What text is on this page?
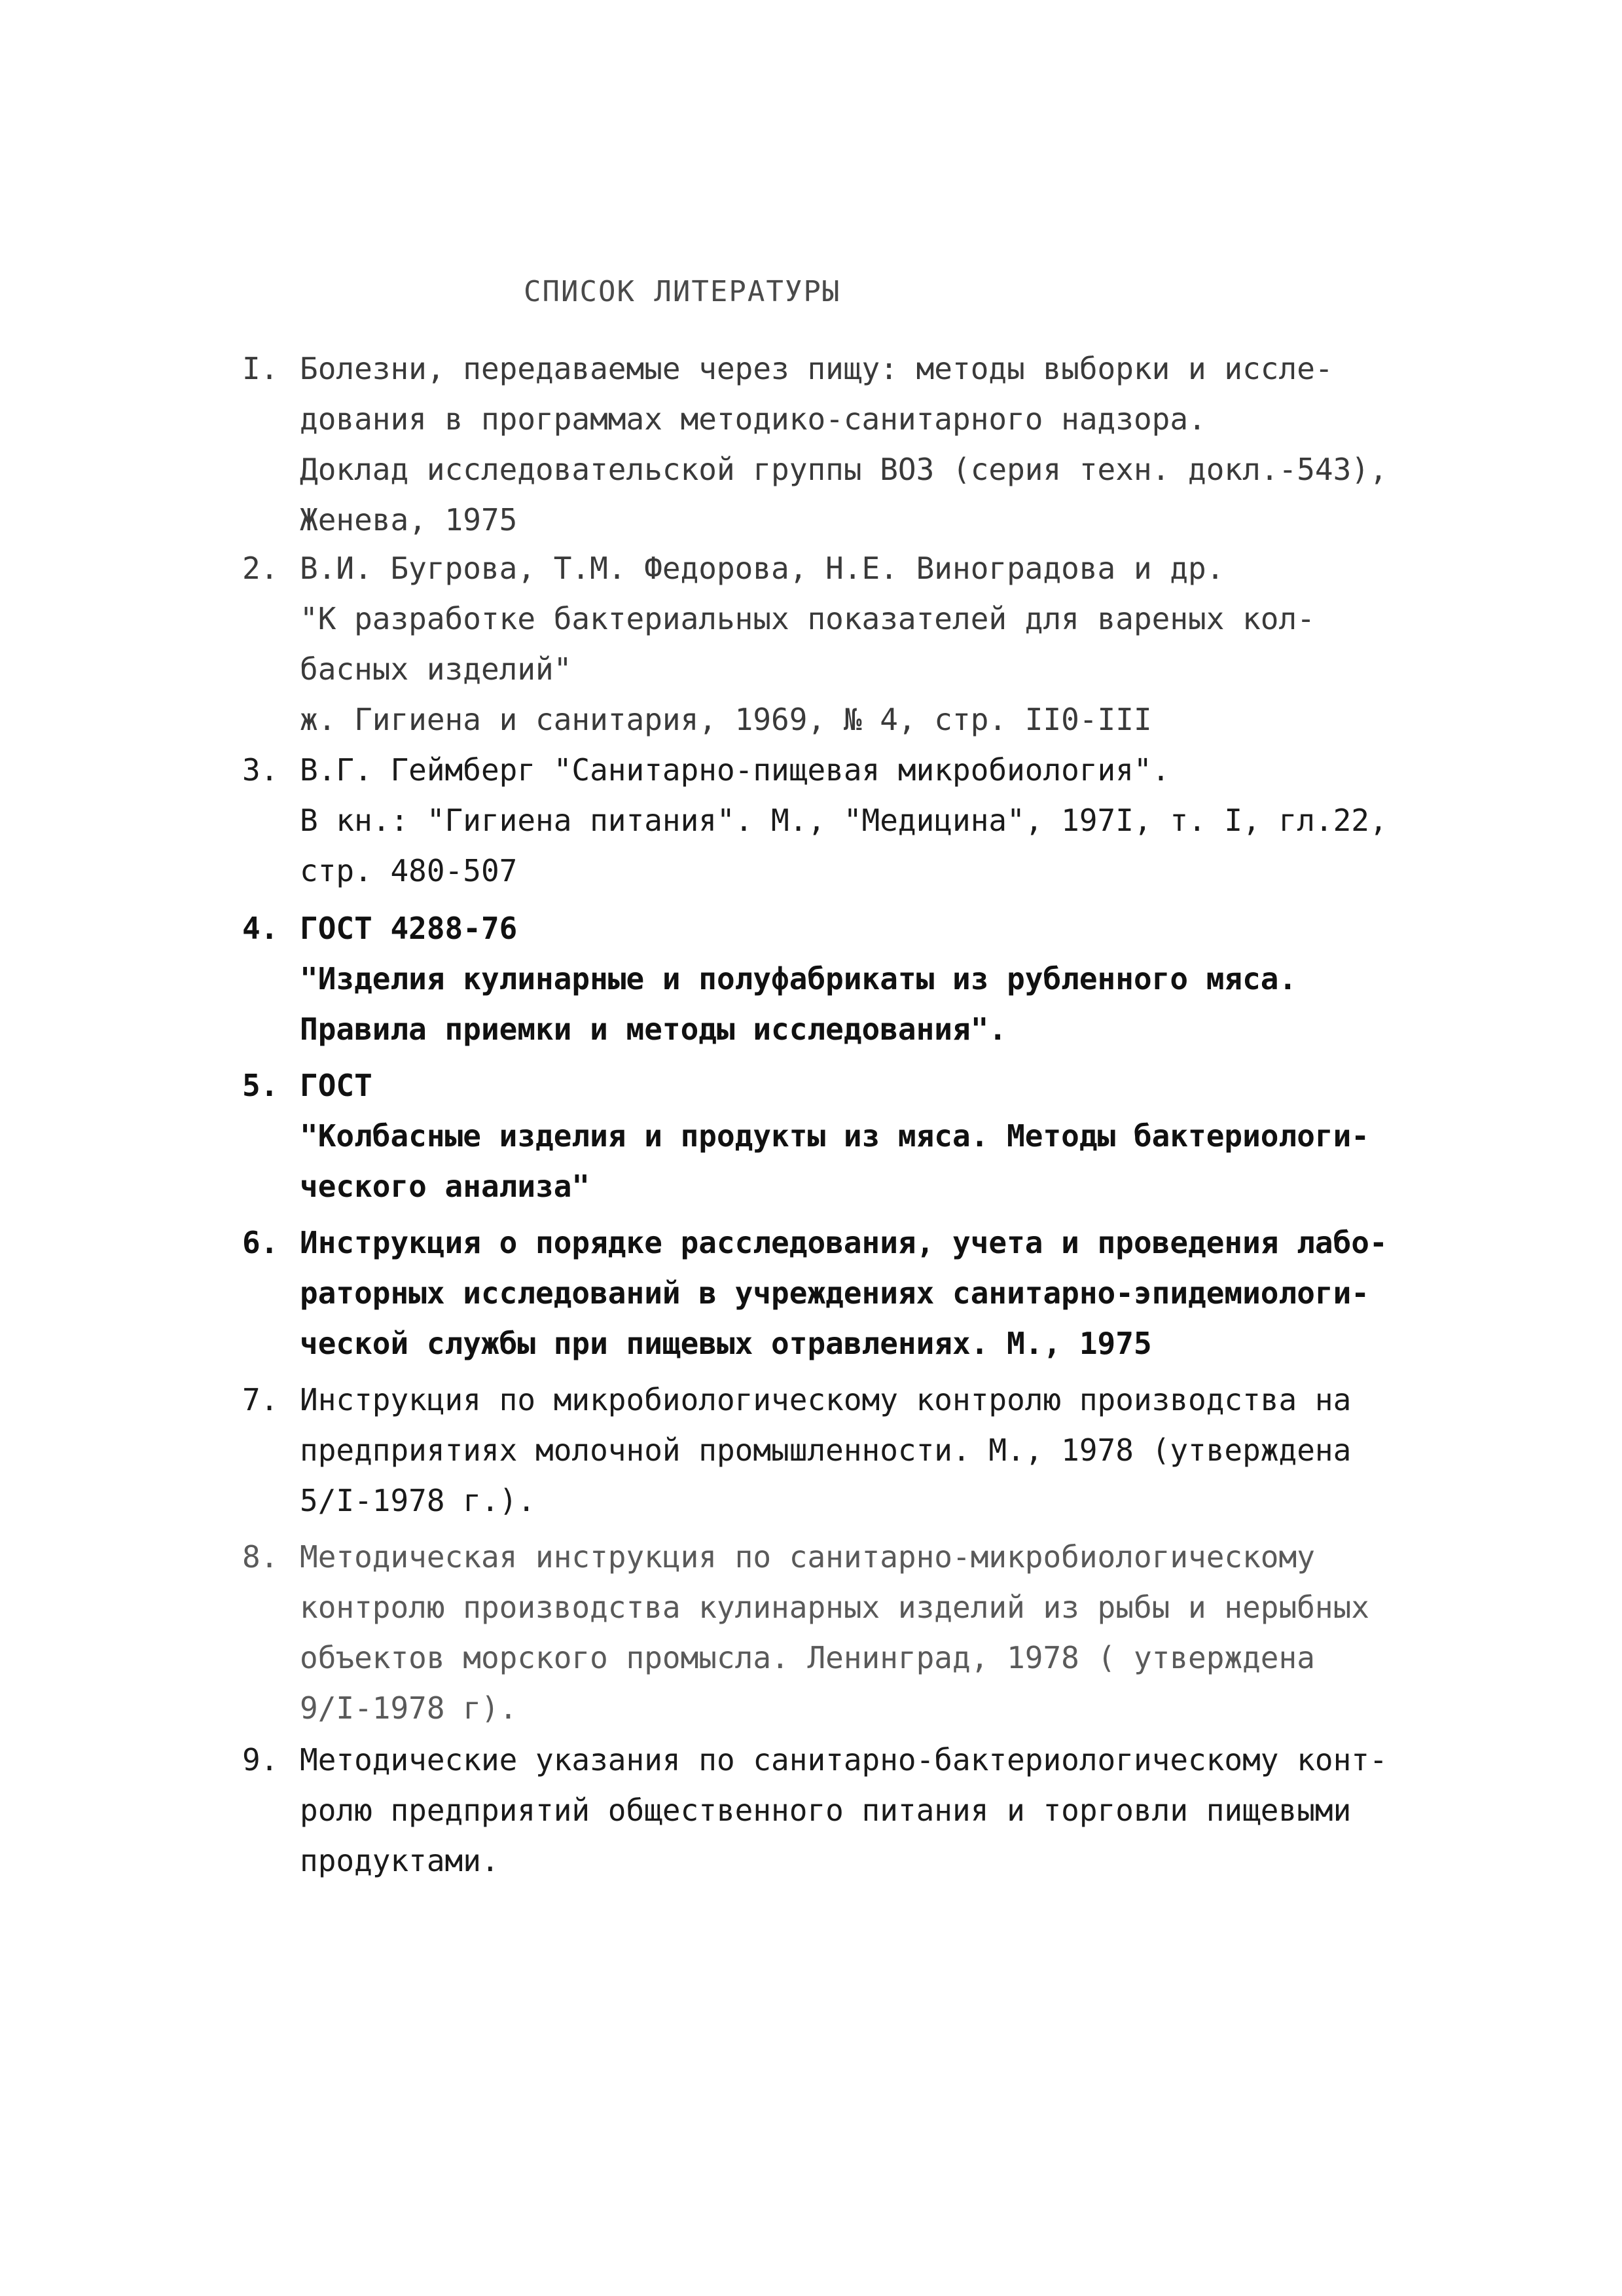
СПИСОК ЛИТЕРАТУРЫ
I. Болезни, передаваемые через пищу: методы выборки и иссле-
дования в программах методико-санитарного надзора.
Доклад исследовательской группы ВОЗ (серия техн. докл.-543),
Женева, 1975
2. В.И. Бугрова, Т.М. Федорова, Н.Е. Виноградова и др.
"К разработке бактериальных показателей для вареных кол-
басных изделий"
ж. Гигиена и санитария, 1969, № 4, стр. II0-III
3. В.Г. Геймберг "Санитарно-пищевая микробиология".
В кн.: "Гигиена питания". М., "Медицина", 197I, т. I, гл.22,
стр. 480-507
4. ГОСТ 4288-76
"Изделия кулинарные и полуфабрикаты из рубленного мяса.
Правила приемки и методы исследования".
5. ГОСТ
"Колбасные изделия и продукты из мяса. Методы бактериологи-
ческого анализа"
6. Инструкция о порядке расследования, учета и проведения лабо-
раторных исследований в учреждениях санитарно-эпидемиологи-
ческой службы при пищевых отравлениях. М., 1975
7. Инструкция по микробиологическому контролю производства на
предприятиях молочной промышленности. М., 1978 (утверждена
5/I-1978 г.).
8. Методическая инструкция по санитарно-микробиологическому
контролю производства кулинарных изделий из рыбы и нерыбных
объектов морского промысла. Ленинград, 1978 ( утверждена
9/I-1978 г).
9. Методические указания по санитарно-бактериологическому конт-
ролю предприятий общественного питания и торговли пищевыми
продуктами.
